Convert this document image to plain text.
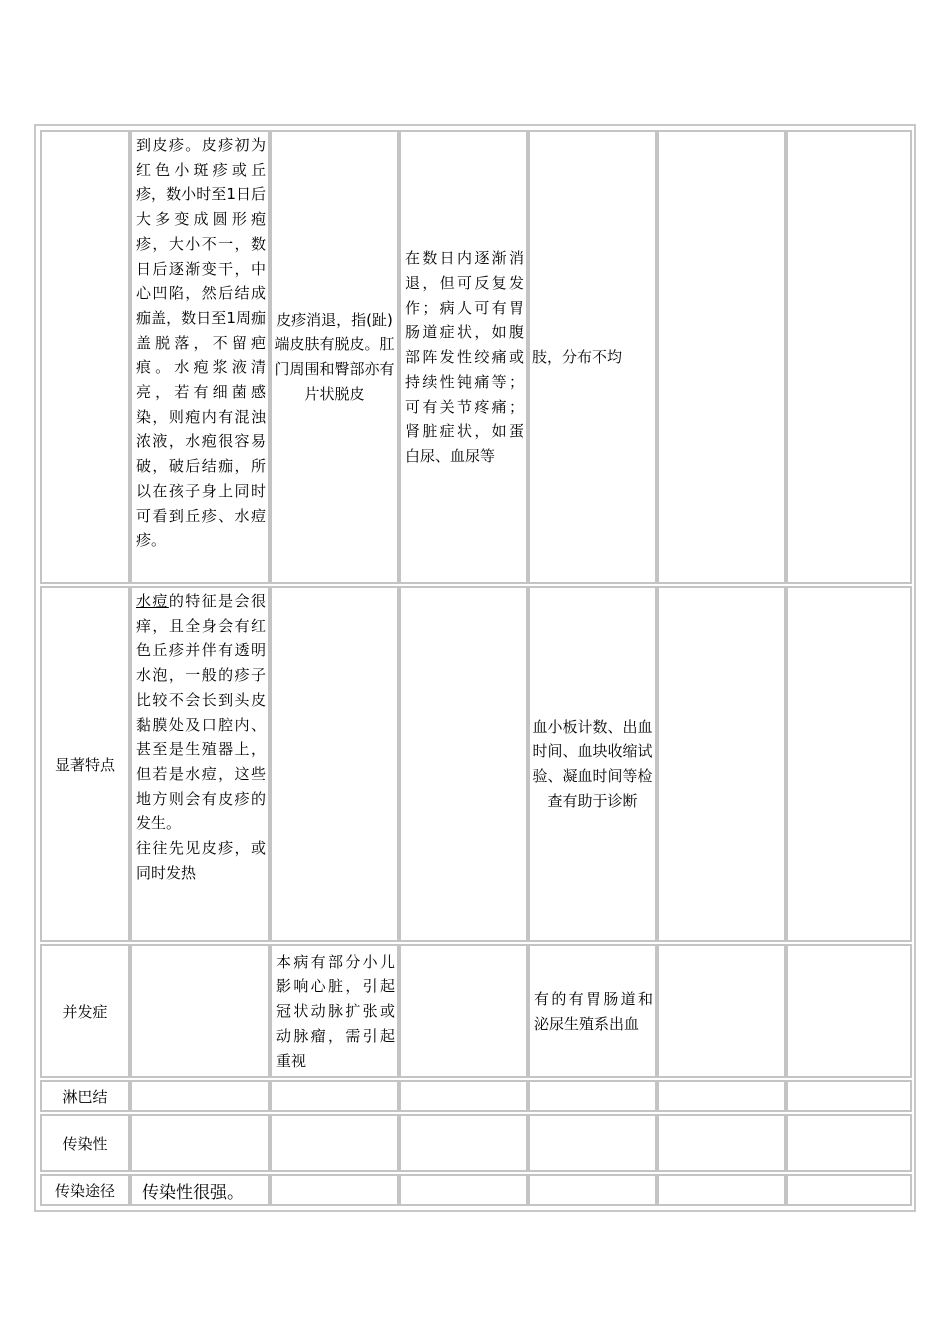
到皮疹。皮疹初为红色小斑疹或丘疹，数小时至1日后大多变成圆形疱疹，大小不一，数日后逐渐变干，中心凹陷，然后结成痂盖，数日至1周痂盖脱落，不留疤痕。水疱浆液清亮，若有细菌感染，则疱内有混浊浓液，水疱很容易破，破后结痂，所以在孩子身上同时可看到丘疹、水痘疹。
皮疹消退，指(趾)端皮肤有脱皮。肛门周围和臀部亦有片状脱皮
在数日内逐渐消退，但可反复发作；病人可有胃肠道症状，如腹部阵发性绞痛或持续性钝痛等；可有关节疼痛；肾脏症状，如蛋白尿、血尿等
肢，分布不均
显著特点
水痘的特征是会很痒，且全身会有红色丘疹并伴有透明水泡，一般的疹子比较不会长到头皮黏膜处及口腔内、甚至是生殖器上，但若是水痘，这些地方则会有皮疹的发生。
往往先见皮疹，或同时发热
血小板计数、出血时间、血块收缩试验、凝血时间等检查有助于诊断
并发症
本病有部分小儿影响心脏，引起冠状动脉扩张或动脉瘤，需引起重视
有的有胃肠道和泌尿生殖系出血
淋巴结
传染性
传染途径 传染性很强。
